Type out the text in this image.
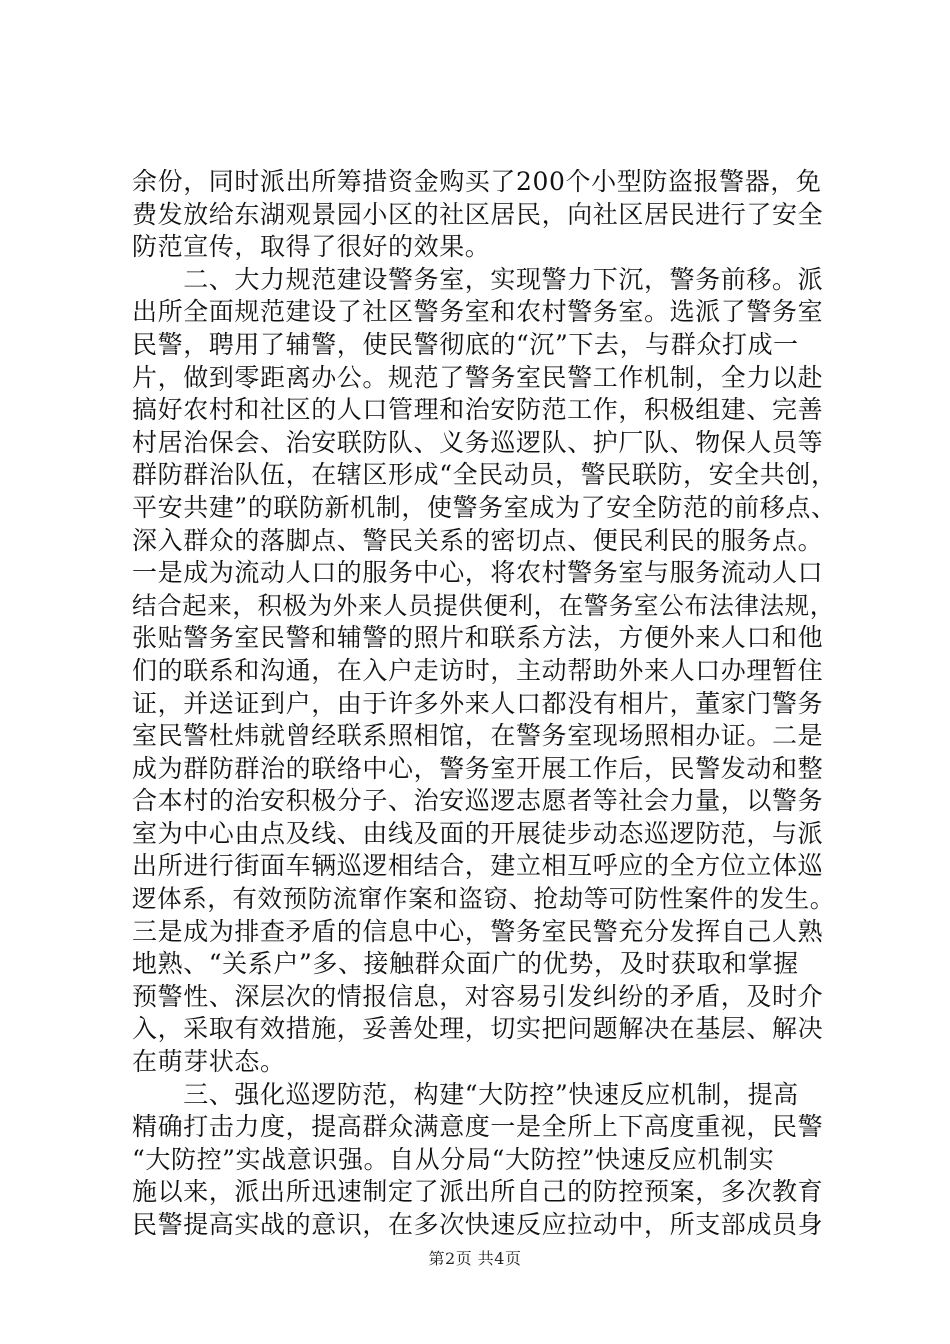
余份，同时派出所筹措资金购买了200个小型防盗报警器，免
费发放给东湖观景园小区的社区居民，向社区居民进行了安全
防范宣传，取得了很好的效果。
　　二、大力规范建设警务室，实现警力下沉，警务前移。派
出所全面规范建设了社区警务室和农村警务室。选派了警务室
民警，聘用了辅警，使民警彻底的“沉”下去，与群众打成一
片，做到零距离办公。规范了警务室民警工作机制，全力以赴
搞好农村和社区的人口管理和治安防范工作，积极组建、完善
村居治保会、治安联防队、义务巡逻队、护厂队、物保人员等
群防群治队伍，在辖区形成“全民动员，警民联防，安全共创，
平安共建”的联防新机制，使警务室成为了安全防范的前移点、
深入群众的落脚点、警民关系的密切点、便民利民的服务点。
一是成为流动人口的服务中心，将农村警务室与服务流动人口
结合起来，积极为外来人员提供便利，在警务室公布法律法规，
张贴警务室民警和辅警的照片和联系方法，方便外来人口和他
们的联系和沟通，在入户走访时，主动帮助外来人口办理暂住
证，并送证到户，由于许多外来人口都没有相片，董家门警务
室民警杜炜就曾经联系照相馆，在警务室现场照相办证。二是
成为群防群治的联络中心，警务室开展工作后，民警发动和整
合本村的治安积极分子、治安巡逻志愿者等社会力量，以警务
室为中心由点及线、由线及面的开展徒步动态巡逻防范，与派
出所进行街面车辆巡逻相结合，建立相互呼应的全方位立体巡
逻体系，有效预防流窜作案和盗窃、抢劫等可防性案件的发生。
三是成为排查矛盾的信息中心，警务室民警充分发挥自己人熟
地熟、“关系户”多、接触群众面广的优势，及时获取和掌握
预警性、深层次的情报信息，对容易引发纠纷的矛盾，及时介
入，采取有效措施，妥善处理，切实把问题解决在基层、解决
在萌芽状态。
　　三、强化巡逻防范，构建“大防控”快速反应机制，提高
精确打击力度，提高群众满意度一是全所上下高度重视，民警
“大防控”实战意识强。自从分局“大防控”快速反应机制实
施以来，派出所迅速制定了派出所自己的防控预案，多次教育
民警提高实战的意识，在多次快速反应拉动中，所支部成员身
第2页 共4页
